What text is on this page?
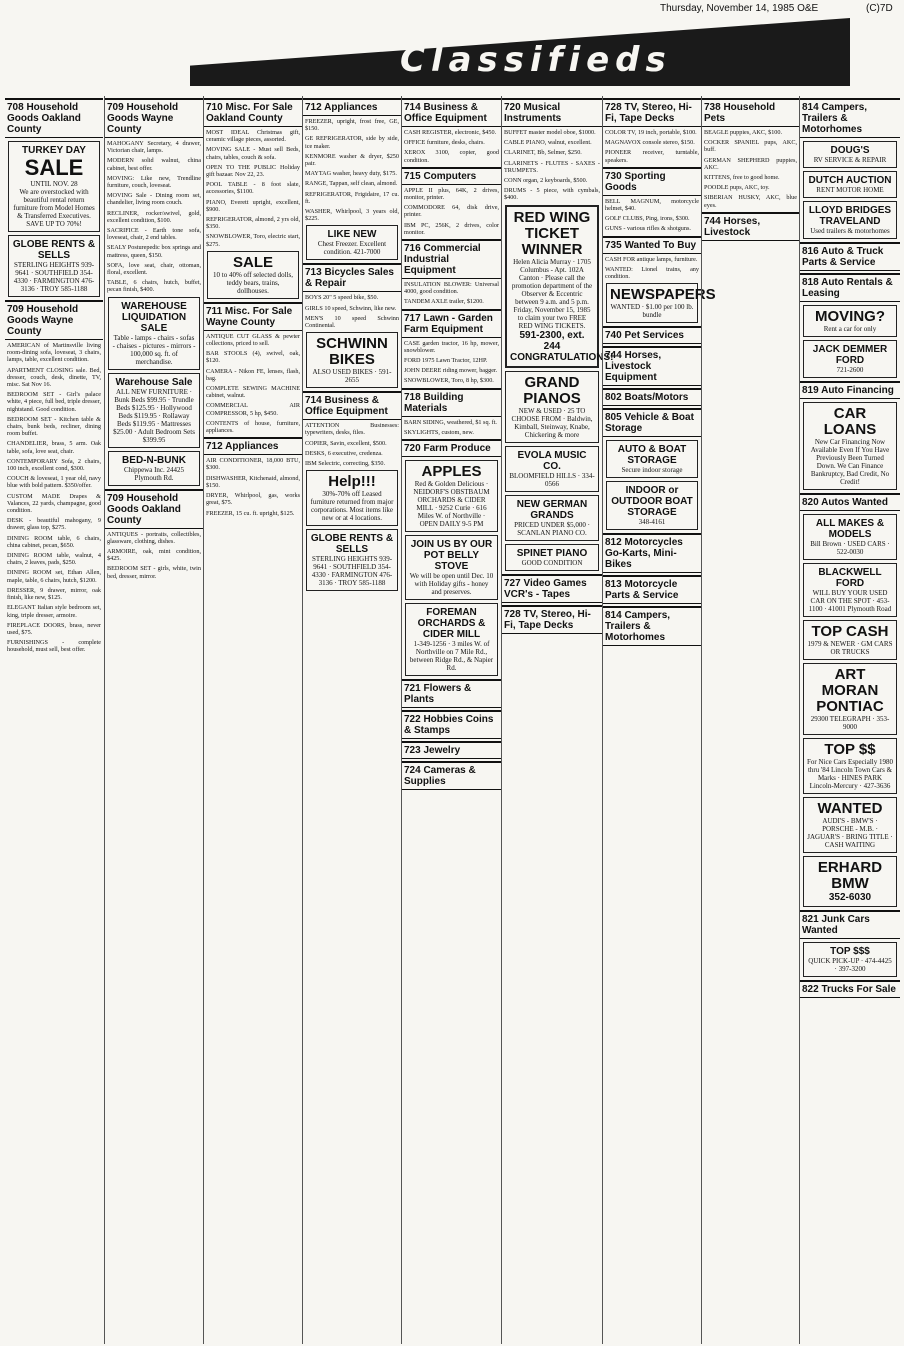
Thursday, November 14, 1985 O&E	(C)7D
Classifieds
708 Household Goods Oakland County
TURKEY DAY
SALE
UNTIL NOV. 28
We are overstocked with beautiful rental return furniture from Model Homes & Transferred Executives. SAVE UP TO 70%!
GLOBE RENTS & SELLS
STERLING HEIGHTS 939-9641 · SOUTHFIELD 354-4330 · FARMINGTON 476-3136 · TROY 585-1188
709 Household Goods Wayne County
AMERICAN of Martinsville living room-dining sofa, loveseat, 3 chairs, lamps, table, excellent condition.
APARTMENT CLOSING sale. Bed, dresser, couch, desk, dinette, TV, misc. Sat Nov 16.
BEDROOM SET - Girl's palace white, 4 piece, full bed, triple dresser, nightstand. Good condition.
BEDROOM SET - Kitchen table & chairs, bunk beds, recliner, dining room buffet.
CHANDELIER, brass, 5 arm. Oak table, sofa, love seat, chair.
CONTEMPORARY Sofa, 2 chairs, 100 inch, excellent cond, $300.
COUCH & loveseat, 1 year old, navy blue with bold pattern. $350/offer.
CUSTOM MADE Drapes & Valances, 22 yards, champagne, good condition.
DESK - beautiful mahogany, 9 drawer, glass top, $275.
DINING ROOM table, 6 chairs, china cabinet, pecan, $650.
DINING ROOM table, walnut, 4 chairs, 2 leaves, pads, $250.
DINING ROOM set, Ethan Allen, maple, table, 6 chairs, hutch, $1200.
DRESSER, 9 drawer, mirror, oak finish, like new, $125.
ELEGANT Italian style bedroom set, king, triple dresser, armoire.
FIREPLACE DOORS, brass, never used, $75.
FURNISHINGS - complete household, must sell, best offer.
709 Household Goods Wayne County
MAHOGANY Secretary, 4 drawer, Victorian chair, lamps.
MODERN solid walnut, china cabinet, best offer.
MOVING: Like new, Trendline furniture, couch, loveseat.
MOVING Sale - Dining room set, chandelier, living room couch.
RECLINER, rocker/swivel, gold, excellent condition, $100.
SACRIFICE - Earth tone sofa, loveseat, chair, 2 end tables.
SEALY Posturepedic box springs and mattress, queen, $150.
SOFA, love seat, chair, ottoman, floral, excellent.
TABLE, 6 chairs, hutch, buffet, pecan finish, $400.
WAREHOUSE LIQUIDATION SALE
Table - lamps - chairs - sofas - chaises - pictures - mirrors - 100,000 sq. ft. of merchandise.
Warehouse Sale
ALL NEW FURNITURE · Bunk Beds $99.95 · Trundle Beds $125.95 · Hollywood Beds $119.95 · Rollaway Beds $119.95 · Mattresses $25.00 · Adult Bedroom Sets $399.95
BED-N-BUNK
Chippewa Inc. 24425 Plymouth Rd.
709 Household Goods Oakland County
ANTIQUES - portraits, collectibles, glassware, clothing, dishes.
ARMOIRE, oak, mint condition, $425.
BEDROOM SET - girls, white, twin bed, dresser, mirror.
710 Misc. For Sale Oakland County
MOST IDEAL Christmas gift, ceramic village pieces, assorted.
MOVING SALE - Must sell Beds, chairs, tables, couch & sofa.
OPEN TO THE PUBLIC Holiday gift bazaar. Nov 22, 23.
POOL TABLE - 8 foot slate, accessories, $1100.
PIANO, Everett upright, excellent, $900.
REFRIGERATOR, almond, 2 yrs old, $350.
SNOWBLOWER, Toro, electric start, $275.
SALE
10 to 40% off selected dolls, teddy bears, trains, dollhouses.
711 Misc. For Sale Wayne County
ANTIQUE CUT GLASS & pewter collections, priced to sell.
BAR STOOLS (4), swivel, oak, $120.
CAMERA - Nikon FE, lenses, flash, bag.
COMPLETE SEWING MACHINE cabinet, walnut.
COMMERCIAL AIR COMPRESSOR, 5 hp, $450.
CONTENTS of house, furniture, appliances.
712 Appliances
AIR CONDITIONER, 18,000 BTU, $300.
DISHWASHER, Kitchenaid, almond, $150.
DRYER, Whirlpool, gas, works great, $75.
FREEZER, 15 cu. ft. upright, $125.
712 Appliances
FREEZER, upright, frost free, GE, $150.
GE REFRIGERATOR, side by side, ice maker.
KENMORE washer & dryer, $250 pair.
MAYTAG washer, heavy duty, $175.
RANGE, Tappan, self clean, almond.
REFRIGERATOR, Frigidaire, 17 cu. ft.
WASHER, Whirlpool, 3 years old, $225.
LIKE NEW
Chest Freezer. Excellent condition. 421-7000
713 Bicycles Sales & Repair
BOYS 20" 5 speed bike, $50.
GIRLS 10 speed, Schwinn, like new.
MEN'S 10 speed Schwinn Continental.
SCHWINN BIKES
ALSO USED BIKES · 591-2655
714 Business & Office Equipment
ATTENTION Businesses: typewriters, desks, files.
COPIER, Savin, excellent, $500.
DESKS, 6 executive, credenza.
IBM Selectric, correcting, $350.
Help!!!
30%-70% off Leased furniture returned from major corporations. Most items like new or at 4 locations.
GLOBE RENTS & SELLS
STERLING HEIGHTS 939-9641 · SOUTHFIELD 354-4330 · FARMINGTON 476-3136 · TROY 585-1188
714 Business & Office Equipment
CASH REGISTER, electronic, $450.
OFFICE furniture, desks, chairs.
XEROX 3100, copier, good condition.
715 Computers
APPLE II plus, 64K, 2 drives, monitor, printer.
COMMODORE 64, disk drive, printer.
IBM PC, 256K, 2 drives, color monitor.
716 Commercial Industrial Equipment
INSULATION BLOWER: Universal 4000, good condition.
TANDEM AXLE trailer, $1200.
717 Lawn - Garden Farm Equipment
CASE garden tractor, 16 hp, mower, snowblower.
FORD 1975 Lawn Tractor, 12HP.
JOHN DEERE riding mower, bagger.
SNOWBLOWER, Toro, 8 hp, $300.
718 Building Materials
BARN SIDING, weathered, $1 sq. ft.
SKYLIGHTS, custom, new.
720 Farm Produce
APPLES
Red & Golden Delicious · NEIDORF'S OBSTBAUM ORCHARDS & CIDER MILL · 9252 Curie · 616 Miles W. of Northville · OPEN DAILY 9-5 PM
JOIN US BY OUR POT BELLY STOVE
We will be open until Dec. 10 with Holiday gifts - honey and preserves.
FOREMAN ORCHARDS & CIDER MILL
1-349-1256 · 3 miles W. of Northville on 7 Mile Rd., between Ridge Rd., & Napier Rd.
721 Flowers & Plants
722 Hobbies Coins & Stamps
723 Jewelry
724 Cameras & Supplies
720 Musical Instruments
BUFFET master model oboe, $1000.
CABLE PIANO, walnut, excellent.
CLARINET, Bb, Selmer, $250.
CLARINETS - FLUTES - SAXES - TRUMPETS.
CONN organ, 2 keyboards, $500.
DRUMS - 5 piece, with cymbals, $400.
RED WING TICKET WINNER
Helen Alicia Murray · 1705 Columbus - Apt. 102A Canton · Please call the promotion department of the Observer & Eccentric between 9 a.m. and 5 p.m. Friday, November 15, 1985 to claim your two FREE RED WING TICKETS.
591-2300, ext. 244
CONGRATULATIONS!
GRAND PIANOS
NEW & USED · 25 TO CHOOSE FROM · Baldwin, Kimball, Steinway, Knabe, Chickering & more
EVOLA MUSIC CO.
BLOOMFIELD HILLS · 334-0566
NEW GERMAN GRANDS
PRICED UNDER $5,000 · SCANLAN PIANO CO.
SPINET PIANO
GOOD CONDITION
727 Video Games VCR's - Tapes
728 TV, Stereo, Hi-Fi, Tape Decks
728 TV, Stereo, Hi-Fi, Tape Decks
COLOR TV, 19 inch, portable, $100.
MAGNAVOX console stereo, $150.
PIONEER receiver, turntable, speakers.
730 Sporting Goods
BELL MAGNUM, motorcycle helmet, $40.
GOLF CLUBS, Ping, irons, $300.
GUNS - various rifles & shotguns.
735 Wanted To Buy
CASH FOR antique lamps, furniture.
WANTED: Lionel trains, any condition.
NEWSPAPERS
WANTED · $1.00 per 100 lb. bundle
740 Pet Services
744 Horses, Livestock Equipment
802 Boats/Motors
805 Vehicle & Boat Storage
AUTO & BOAT STORAGE
Secure indoor storage
INDOOR or OUTDOOR BOAT STORAGE
348-4161
812 Motorcycles Go-Karts, Mini-Bikes
813 Motorcycle Parts & Service
814 Campers, Trailers & Motorhomes
738 Household Pets
BEAGLE puppies, AKC, $100.
COCKER SPANIEL pups, AKC, buff.
GERMAN SHEPHERD puppies, AKC.
KITTENS, free to good home.
POODLE pups, AKC, toy.
SIBERIAN HUSKY, AKC, blue eyes.
744 Horses, Livestock
814 Campers, Trailers & Motorhomes
DOUG'S
RV SERVICE & REPAIR
DUTCH AUCTION
RENT MOTOR HOME
LLOYD BRIDGES TRAVELAND
Used trailers & motorhomes
816 Auto & Truck Parts & Service
818 Auto Rentals & Leasing
MOVING?
Rent a car for only
JACK DEMMER FORD
721-2600
819 Auto Financing
CAR LOANS
New Car Financing Now Available Even If You Have Previously Been Turned Down. We Can Finance Bankruptcy, Bad Credit, No Credit!
820 Autos Wanted
ALL MAKES & MODELS
Bill Brown · USED CARS · 522-0030
BLACKWELL FORD
WILL BUY YOUR USED CAR ON THE SPOT · 453-1100 · 41001 Plymouth Road
TOP CASH
1979 & NEWER · GM CARS OR TRUCKS
ART MORAN PONTIAC
29300 TELEGRAPH · 353-9000
TOP $$
For Nice Cars Especially 1980 thru '84 Lincoln Town Cars & Marks · HINES PARK Lincoln-Mercury · 427-3636
WANTED
AUDI'S - BMW'S · PORSCHE - M.B. · JAGUAR'S · BRING TITLE · CASH WAITING
ERHARD BMW
352-6030
821 Junk Cars Wanted
TOP $$$
QUICK PICK-UP · 474-4425 · 397-3200
822 Trucks For Sale
